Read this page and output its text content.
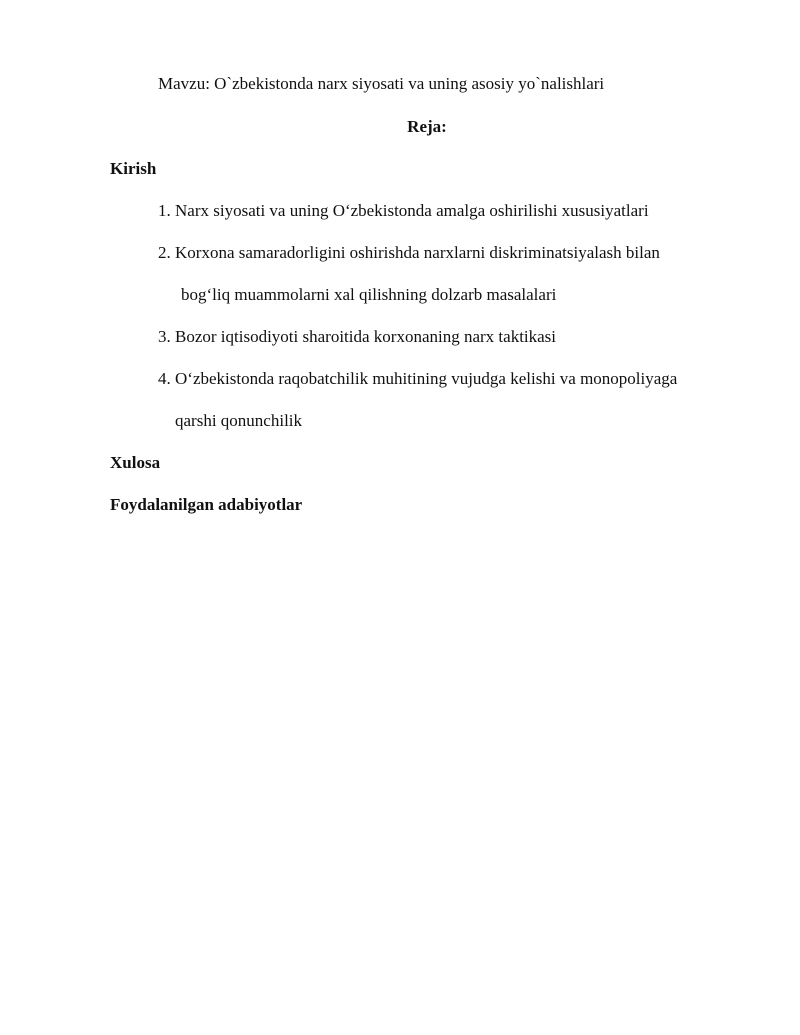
Mavzu: O`zbekistonda narx siyosati va uning asosiy yo`nalishlari
Reja:
Kirish
1. Narx siyosati va uning O‘zbekistonda amalga oshirilishi xususiyatlari
2. Korxona samaradorligini oshirishda narxlarni diskriminatsiyalash bilan
bog‘liq muammolarni xal qilishning dolzarb masalalari
3. Bozor iqtisodiyoti sharoitida korxonaning narx taktikasi
4. O‘zbekistonda raqobatchilik muhitining vujudga kelishi va monopoliyaga
qarshi qonunchilik
Xulosa
Foydalanilgan adabiyotlar
